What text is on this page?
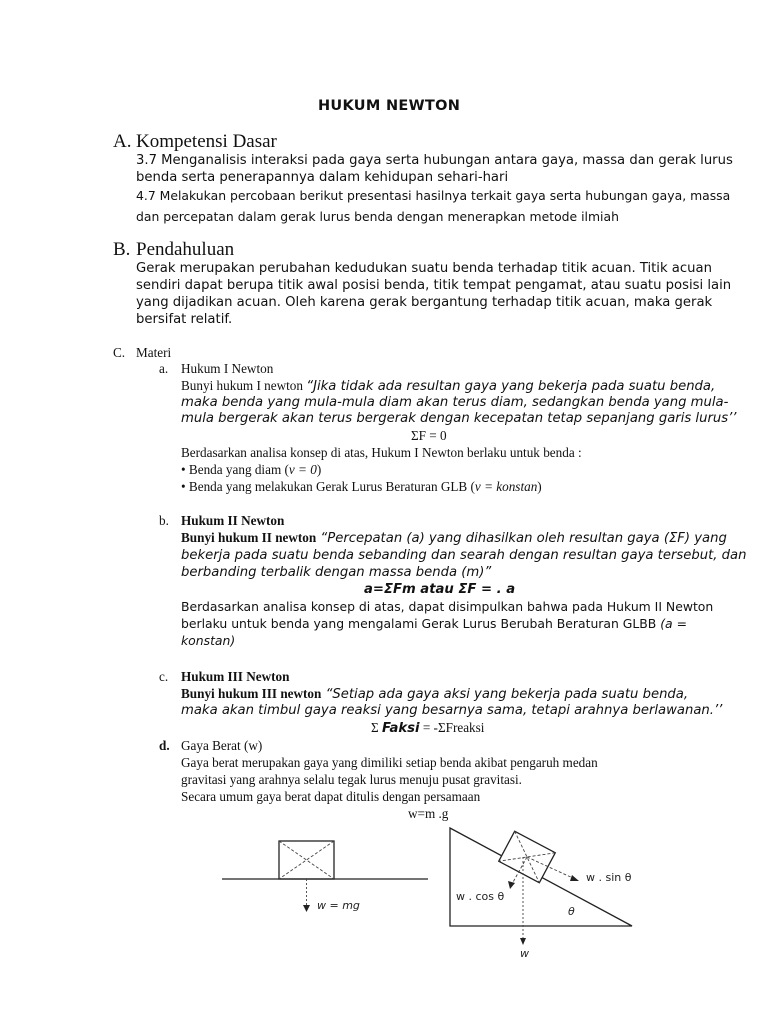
HUKUM NEWTON
A. Kompetensi Dasar
3.7 Menganalisis interaksi pada gaya serta hubungan antara gaya, massa dan gerak lurus
benda serta penerapannya dalam kehidupan sehari-hari
4.7 Melakukan percobaan berikut presentasi hasilnya terkait gaya serta hubungan gaya, massa
dan percepatan dalam gerak lurus benda dengan menerapkan metode ilmiah
B. Pendahuluan
Gerak merupakan perubahan kedudukan suatu benda terhadap titik acuan. Titik acuan
sendiri dapat berupa titik awal posisi benda, titik tempat pengamat, atau suatu posisi lain
yang dijadikan acuan. Oleh karena gerak bergantung terhadap titik acuan, maka gerak
bersifat relatif.
C. Materi
a. Hukum I Newton
Bunyi hukum I newton “Jika tidak ada resultan gaya yang bekerja pada suatu benda,
maka benda yang mula-mula diam akan terus diam, sedangkan benda yang mula-
mula bergerak akan terus bergerak dengan kecepatan tetap sepanjang garis lurus’’
ΣF = 0
Berdasarkan analisa konsep di atas, Hukum I Newton berlaku untuk benda :
• Benda yang diam (v = 0)
• Benda yang melakukan Gerak Lurus Beraturan GLB (v = konstan)
b. Hukum II Newton
Bunyi hukum II newton “Percepatan (a) yang dihasilkan oleh resultan gaya (ΣF) yang
bekerja pada suatu benda sebanding dan searah dengan resultan gaya tersebut, dan
berbanding terbalik dengan massa benda (m)”
a=ΣFm atau ΣF = . a
Berdasarkan analisa konsep di atas, dapat disimpulkan bahwa pada Hukum II Newton
berlaku untuk benda yang mengalami Gerak Lurus Berubah Beraturan GLBB (a =
konstan)
c. Hukum III Newton
Bunyi hukum III newton “Setiap ada gaya aksi yang bekerja pada suatu benda,
maka akan timbul gaya reaksi yang besarnya sama, tetapi arahnya berlawanan.’’
Σ Faksi = -ΣFreaksi
d. Gaya Berat (w)
Gaya berat merupakan gaya yang dimiliki setiap benda akibat pengaruh medan
gravitasi yang arahnya selalu tegak lurus menuju pusat gravitasi.
Secara umum gaya berat dapat ditulis dengan persamaan
w=m .g
w = mg
w . sin θ
w . cos θ
θ
w
